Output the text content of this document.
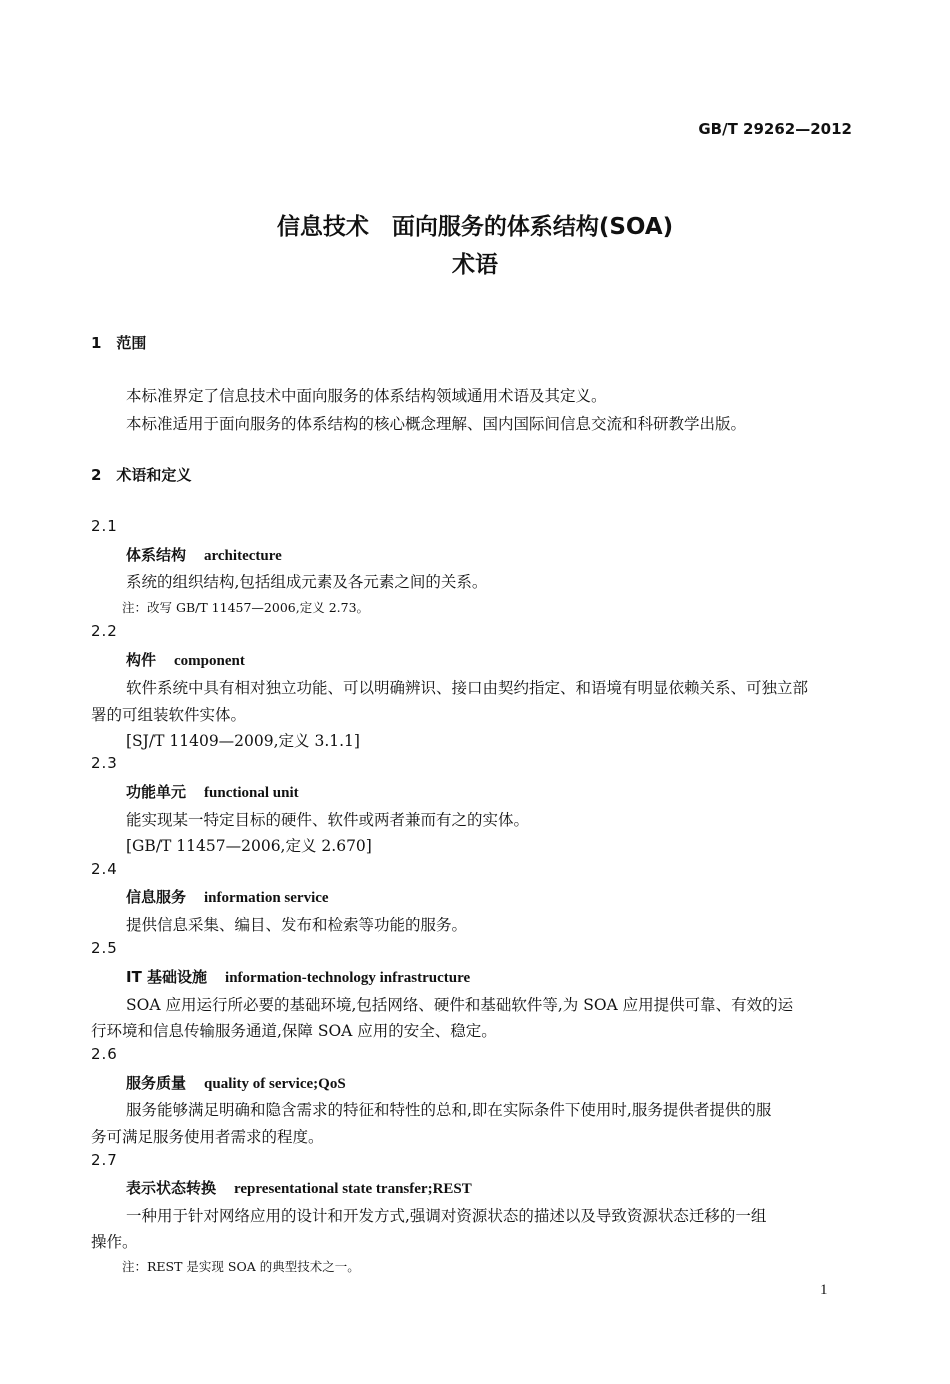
GB/T 29262—2012
信息技术　面向服务的体系结构(SOA)
术语
1　范围
本标准界定了信息技术中面向服务的体系结构领域通用术语及其定义。
本标准适用于面向服务的体系结构的核心概念理解、国内国际间信息交流和科研教学出版。
2　术语和定义
2.1
体系结构 architecture
系统的组织结构,包括组成元素及各元素之间的关系。
注：改写 GB/T 11457—2006,定义 2.73。
2.2
构件 component
软件系统中具有相对独立功能、可以明确辨识、接口由契约指定、和语境有明显依赖关系、可独立部
署的可组装软件实体。
[SJ/T 11409—2009,定义 3.1.1]
2.3
功能单元 functional unit
能实现某一特定目标的硬件、软件或两者兼而有之的实体。
[GB/T 11457—2006,定义 2.670]
2.4
信息服务 information service
提供信息采集、编目、发布和检索等功能的服务。
2.5
IT 基础设施 information-technology infrastructure
SOA 应用运行所必要的基础环境,包括网络、硬件和基础软件等,为 SOA 应用提供可靠、有效的运
行环境和信息传输服务通道,保障 SOA 应用的安全、稳定。
2.6
服务质量 quality of service;QoS
服务能够满足明确和隐含需求的特征和特性的总和,即在实际条件下使用时,服务提供者提供的服
务可满足服务使用者需求的程度。
2.7
表示状态转换 representational state transfer;REST
一种用于针对网络应用的设计和开发方式,强调对资源状态的描述以及导致资源状态迁移的一组
操作。
注：REST 是实现 SOA 的典型技术之一。
1
